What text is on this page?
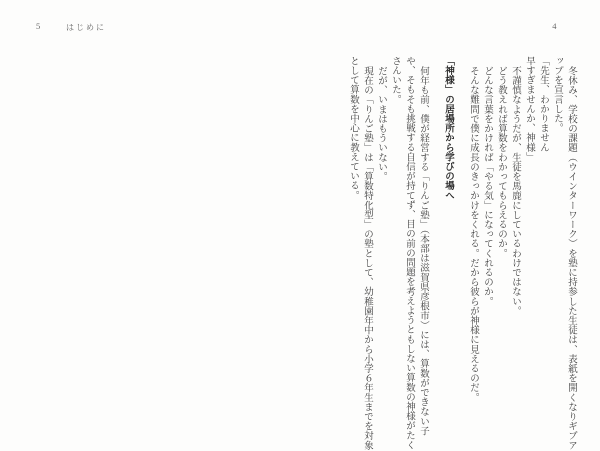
5	はじめに	4

冬休み、学校の課題（ウインターワーク）を塾に持参した生徒は、表紙を開くなりギブア

ップを宣言した。

「先生、わかりません

早すぎませんか、神様」

不謹慎なようだが、生徒を馬鹿にしているわけではない。

どう教えれば算数をわかってもらえるのか。

どんな言葉をかければ「やる気」になってくれるのか。

そんな難問で僕に成長のきっかけをくれる。だから彼らが神様に見えるのだ。

「神様」の居場所から学びの場へ

何年も前、僕が経営する「りんご塾」（本部は滋賀県彦根市）には、算数ができない子

や、そもそも挑戦する自信が持てず、目の前の問題を考えようともしない算数の神様がたく

さんいた。

だが、いまはもういない。

現在の「りんご塾」は「算数特化型」の塾として、幼稚園年中から小学６年生までを対象

として算数を中心に教えている。
